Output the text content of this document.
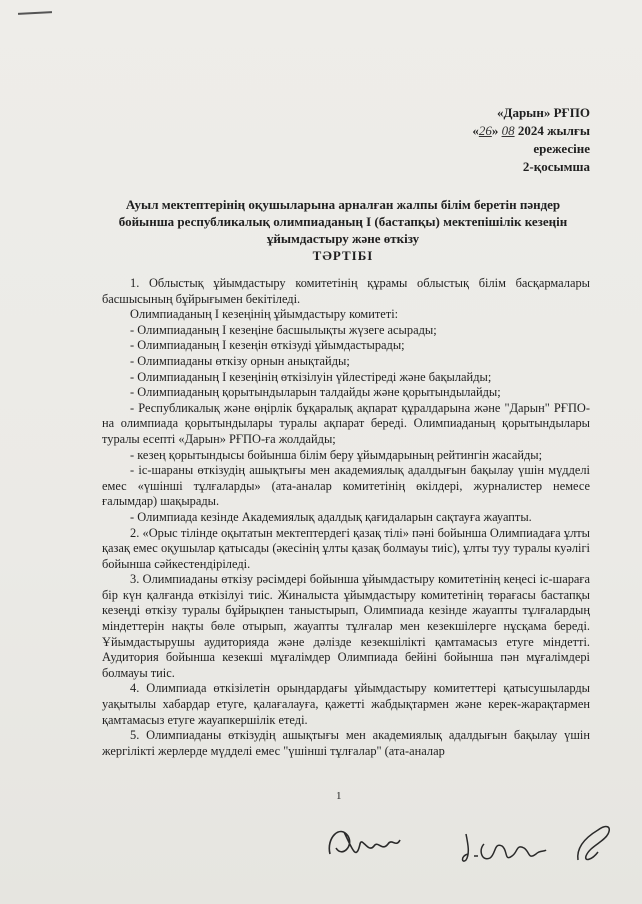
«Дарын» РҒПО
«26» 08 2024 жылғы
ережесіне
2-қосымша
Ауыл мектептерінің оқушыларына арналған жалпы білім беретін пәндер
бойынша республикалық олимпиаданың І (бастапқы) мектепішілік кезеңін
ұйымдастыру және өткізу
ТӘРТІБІ

1. Облыстық ұйымдастыру комитетінің құрамы облыстық білім басқармалары басшысының бұйрығымен бекітіледі.

Олимпиаданың І кезеңінің ұйымдастыру комитеті:

- Олимпиаданың І кезеңіне басшылықты жүзеге асырады;

- Олимпиаданың І кезеңін өткізуді ұйымдастырады;

- Олимпиаданы өткізу орнын анықтайды;

- Олимпиаданың І кезеңінің өткізілуін үйлестіреді және бақылайды;

- Олимпиаданың қорытындыларын талдайды және қорытындылайды;

- Республикалық және өңірлік бұқаралық ақпарат құралдарына және "Дарын" РҒПО-на олимпиада қорытындылары туралы ақпарат береді. Олимпиаданың қорытындылары туралы есепті «Дарын» РҒПО-ға жолдайды;

- кезең қорытындысы бойынша білім беру ұйымдарының рейтингін жасайды;

- іс-шараны өткізудің ашықтығы мен академиялық адалдығын бақылау үшін мүдделі емес «үшінші тұлғаларды» (ата-аналар комитетінің өкілдері, журналистер немесе ғалымдар) шақырады.

- Олимпиада кезінде Академиялық адалдық қағидаларын сақтауға жауапты.

2. «Орыс тілінде оқытатын мектептердегі қазақ тілі» пәні бойынша Олимпиадаға ұлты қазақ емес оқушылар қатысады (әкесінің ұлты қазақ болмауы тиіс), ұлты туу туралы куәлігі бойынша сәйкестендіріледі.

3. Олимпиаданы өткізу рәсімдері бойынша ұйымдастыру комитетінің кеңесі іс-шараға бір күн қалғанда өткізілуі тиіс. Жиналыста ұйымдастыру комитетінің төрағасы бастапқы кезеңді өткізу туралы бұйрықпен таныстырып, Олимпиада кезінде жауапты тұлғалардың міндеттерін нақты бөле отырып, жауапты тұлғалар мен кезекшілерге нұсқама береді. Ұйымдастырушы аудиторияда және дәлізде кезекшілікті қамтамасыз етуге міндетті. Аудитория бойынша кезекші мұғалімдер Олимпиада бейіні бойынша пән мұғалімдері болмауы тиіс.

4. Олимпиада өткізілетін орындардағы ұйымдастыру комитеттері қатысушыларды уақытылы хабардар етуге, қалағалауға, қажетті жабдықтармен және керек-жарақтармен қамтамасыз етуге жауапкершілік етеді.

5. Олимпиаданы өткізудің ашықтығы мен академиялық адалдығын бақылау үшін жергілікті жерлерде мүдделі емес "үшінші тұлғалар" (ата-аналар

1
